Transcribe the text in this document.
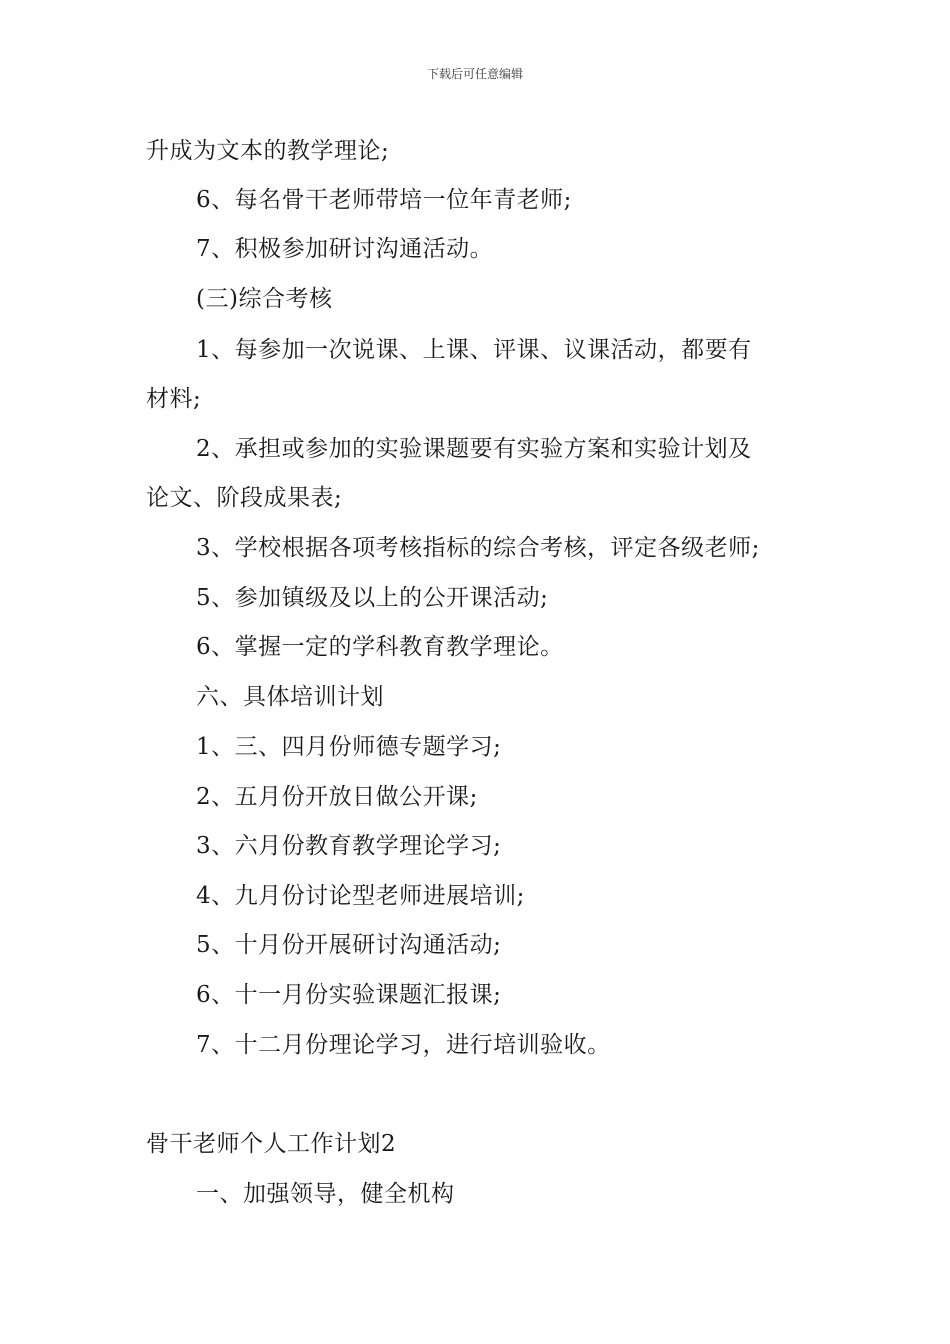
下载后可任意编辑
升成为文本的教学理论;
6、每名骨干老师带培一位年青老师;
7、积极参加研讨沟通活动。
(三)综合考核
1、每参加一次说课、上课、评课、议课活动，都要有
材料;
2、承担或参加的实验课题要有实验方案和实验计划及
论文、阶段成果表;
3、学校根据各项考核指标的综合考核，评定各级老师;
5、参加镇级及以上的公开课活动;
6、掌握一定的学科教育教学理论。
六、具体培训计划
1、三、四月份师德专题学习;
2、五月份开放日做公开课;
3、六月份教育教学理论学习;
4、九月份讨论型老师进展培训;
5、十月份开展研讨沟通活动;
6、十一月份实验课题汇报课;
7、十二月份理论学习，进行培训验收。
骨干老师个人工作计划2
一、加强领导，健全机构
